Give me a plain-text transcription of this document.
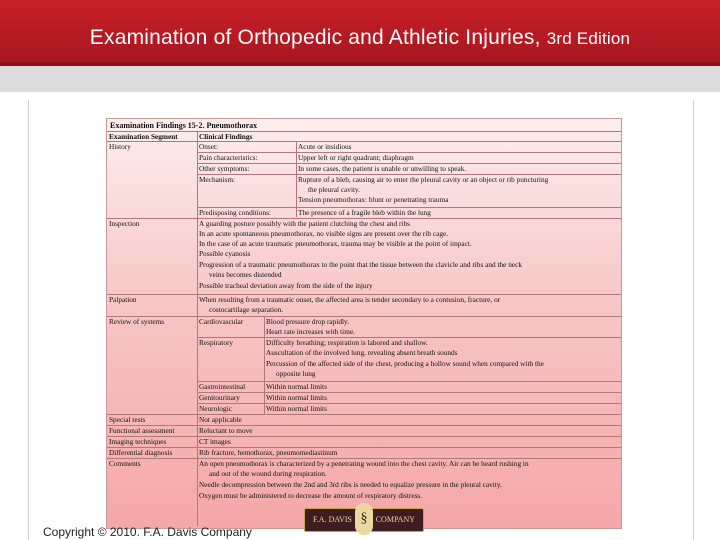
Examination of Orthopedic and Athletic Injuries, 3rd Edition
Examination Findings 15-2. Pneumothorax
Examination Segment	Clinical Findings
History	Onset:	Acute or insidious
Pain characteristics:	Upper left or right quadrant; diaphragm
Other symptoms:	In some cases, the patient is unable or unwilling to speak.
Mechanism:	Rupture of a bleb, causing air to enter the pleural cavity or an object or rib puncturing
the pleural cavity.
Tension pneumothorax: blunt or penetrating trauma
Predisposing conditions:	The presence of a fragile bleb within the lung
Inspection	A guarding posture possibly with the patient clutching the chest and ribs
In an acute spontaneous pneumothorax, no visible signs are present over the rib cage.
In the case of an acute traumatic pneumothorax, trauma may be visible at the point of impact.
Possible cyanosis
Progression of a traumatic pneumothorax to the point that the tissue between the clavicle and ribs and the neck
veins becomes distended
Possible tracheal deviation away from the side of the injury
Palpation	When resulting from a traumatic onset, the affected area is tender secondary to a contusion, fracture, or
costocartilage separation.
Review of systems	Cardiovascular	Blood pressure drop rapidly.
Heart rate increases with time.
Respiratory	Difficulty breathing; respiration is labored and shallow.
Auscultation of the involved lung, revealing absent breath sounds
Percussion of the affected side of the chest, producing a hollow sound when compared with the
opposite lung
Gastrointestinal	Within normal limits
Genitourinary	Within normal limits
Neurologic	Within normal limits
Special tests	Not applicable
Functional assessment	Reluctant to move
Imaging techniques	CT images
Differential diagnosis	Rib fracture, hemothorax, pneumomediastinum
Comments	An open pneumothorax is characterized by a penetrating wound into the chest cavity. Air can be heard rushing in
and out of the wound during respiration.
Needle decompression between the 2nd and 3rd ribs is needed to equalize pressure in the pleural cavity.
Oxygen must be administered to decrease the amount of respiratory distress.
F.A. DAVIS §	COMPANY
Copyright © 2010. F.A. Davis Company
